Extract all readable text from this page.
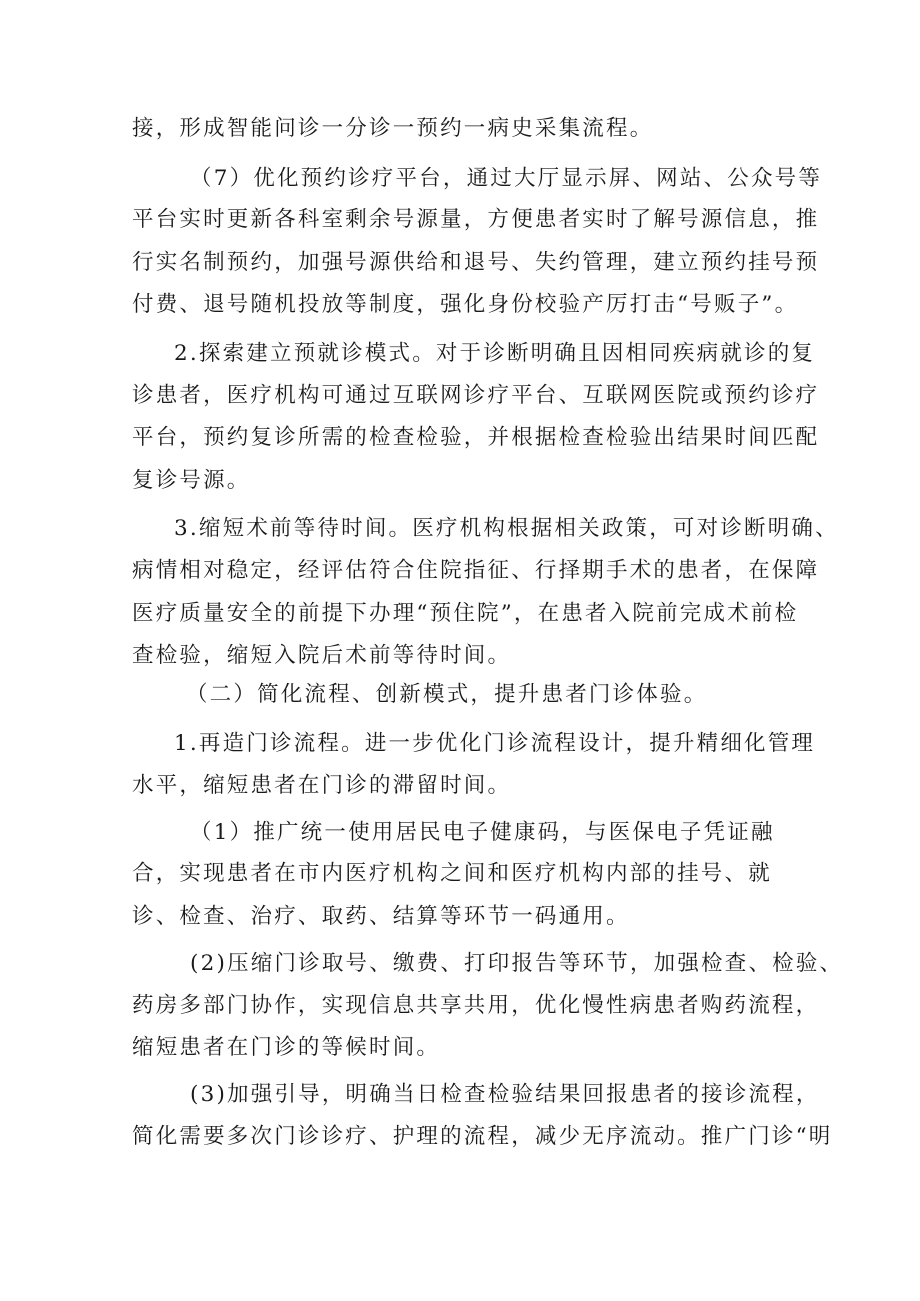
接，形成智能问诊一分诊一预约一病史采集流程。
（7）优化预约诊疗平台，通过大厅显示屏、网站、公众号等
平台实时更新各科室剩余号源量，方便患者实时了解号源信息，推
行实名制预约，加强号源供给和退号、失约管理，建立预约挂号预
付费、退号随机投放等制度，强化身份校验产厉打击“号贩子”。
2.探索建立预就诊模式。对于诊断明确且因相同疾病就诊的复
诊患者，医疗机构可通过互联网诊疗平台、互联网医院或预约诊疗
平台，预约复诊所需的检查检验，并根据检查检验出结果时间匹配
复诊号源。
3.缩短术前等待时间。医疗机构根据相关政策，可对诊断明确、
病情相对稳定，经评估符合住院指征、行择期手术的患者，在保障
医疗质量安全的前提下办理“预住院”，在患者入院前完成术前检
查检验，缩短入院后术前等待时间。
（二）简化流程、创新模式，提升患者门诊体验。
1.再造门诊流程。进一步优化门诊流程设计，提升精细化管理
水平，缩短患者在门诊的滞留时间。
（1）推广统一使用居民电子健康码，与医保电子凭证融
合，实现患者在市内医疗机构之间和医疗机构内部的挂号、就
诊、检查、治疗、取药、结算等环节一码通用。
(2)压缩门诊取号、缴费、打印报告等环节，加强检查、检验、
药房多部门协作，实现信息共享共用，优化慢性病患者购药流程，
缩短患者在门诊的等候时间。
(3)加强引导，明确当日检查检验结果回报患者的接诊流程，
简化需要多次门诊诊疗、护理的流程，减少无序流动。推广门诊“明
